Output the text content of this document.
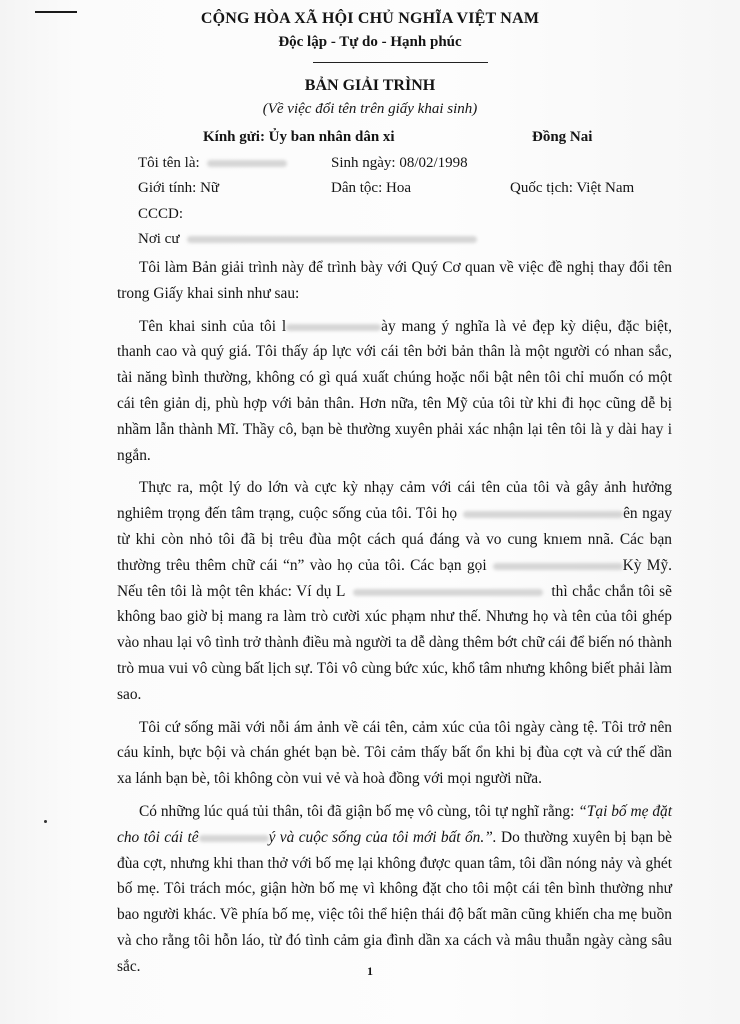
CỘNG HÒA XÃ HỘI CHỦ NGHĨA VIỆT NAM
Độc lập - Tự do - Hạnh phúc
BẢN GIẢI TRÌNH
(Về việc đổi tên trên giấy khai sinh)
Kính gửi: Ủy ban nhân dân xi	Đồng Nai
Tôi tên là:	Sinh ngày: 08/02/1998
Giới tính: Nữ	Dân tộc: Hoa	Quốc tịch: Việt Nam
CCCD:
Nơi cư

Tôi làm Bản giải trình này để trình bày với Quý Cơ quan về việc đề nghị thay đổi tên trong Giấy khai sinh như sau:

Tên khai sinh của tôi l	ày mang ý nghĩa là vẻ đẹp kỳ diệu, đặc biệt, thanh cao và quý giá. Tôi thấy áp lực với cái tên bởi bản thân là một người có nhan sắc, tài năng bình thường, không có gì quá xuất chúng hoặc nổi bật nên tôi chỉ muốn có một cái tên giản dị, phù hợp với bản thân. Hơn nữa, tên Mỹ của tôi từ khi đi học cũng dễ bị nhầm lẫn thành Mĩ. Thầy cô, bạn bè thường xuyên phải xác nhận lại tên tôi là y dài hay i ngắn.

Thực ra, một lý do lớn và cực kỳ nhạy cảm với cái tên của tôi và gây ảnh hưởng nghiêm trọng đến tâm trạng, cuộc sống của tôi. Tôi họ	ên ngay từ khi còn nhỏ tôi đã bị trêu đùa một cách quá đáng và vo cung knıem nnã. Các bạn thường trêu thêm chữ cái “n” vào họ của tôi. Các bạn gọi	Kỳ Mỹ. Nếu tên tôi là một tên khác: Ví dụ L	thì chắc chắn tôi sẽ không bao giờ bị mang ra làm trò cười xúc phạm như thế. Nhưng họ và tên của tôi ghép vào nhau lại vô tình trở thành điều mà người ta dễ dàng thêm bớt chữ cái để biến nó thành trò mua vui vô cùng bất lịch sự. Tôi vô cùng bức xúc, khổ tâm nhưng không biết phải làm sao.

Tôi cứ sống mãi với nỗi ám ảnh về cái tên, cảm xúc của tôi ngày càng tệ. Tôi trở nên cáu kỉnh, bực bội và chán ghét bạn bè. Tôi cảm thấy bất ổn khi bị đùa cợt và cứ thế dần xa lánh bạn bè, tôi không còn vui vẻ và hoà đồng với mọi người nữa.

Có những lúc quá tủi thân, tôi đã giận bố mẹ vô cùng, tôi tự nghĩ rằng: “Tại bố mẹ đặt cho tôi cái tê	ý và cuộc sống của tôi mới bất ổn.”. Do thường xuyên bị bạn bè đùa cợt, nhưng khi than thở với bố mẹ lại không được quan tâm, tôi dần nóng nảy và ghét bố mẹ. Tôi trách móc, giận hờn bố mẹ vì không đặt cho tôi một cái tên bình thường như bao người khác. Về phía bố mẹ, việc tôi thể hiện thái độ bất mãn cũng khiến cha mẹ buồn và cho rằng tôi hỗn láo, từ đó tình cảm gia đình dần xa cách và mâu thuẫn ngày càng sâu sắc.	1
